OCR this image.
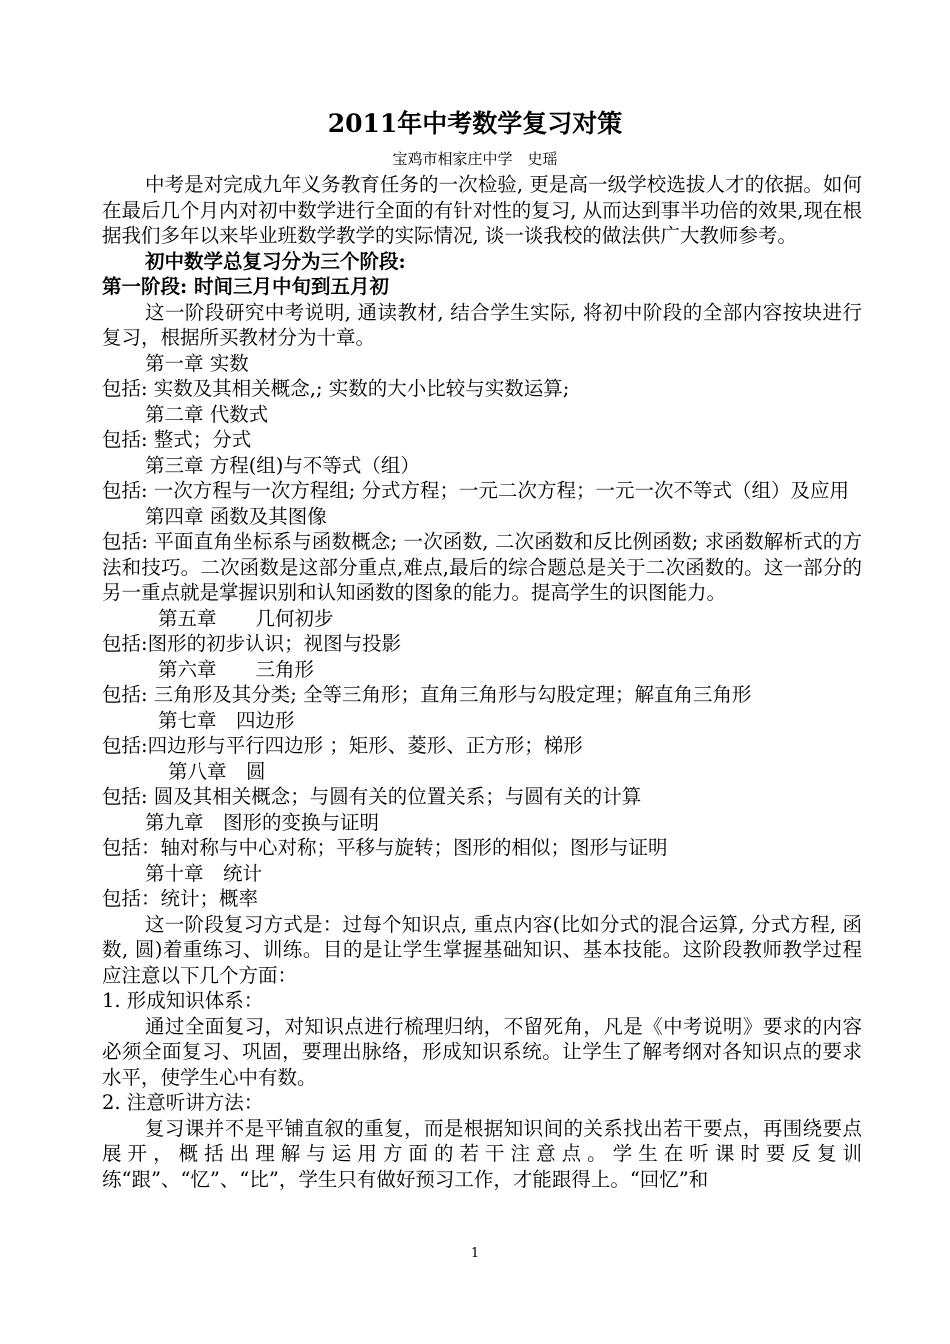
2011年中考数学复习对策
宝鸡市相家庄中学　史瑶

中考是对完成九年义务教育任务的一次检验, 更是高一级学校选拔人才的依据。如何在最后几个月内对初中数学进行全面的有针对性的复习, 从而达到事半功倍的效果,现在根据我们多年以来毕业班数学教学的实际情况, 谈一谈我校的做法供广大教师参考。

初中数学总复习分为三个阶段:

第一阶段: 时间三月中旬到五月初

这一阶段研究中考说明, 通读教材, 结合学生实际, 将初中阶段的全部内容按块进行复习，根据所买教材分为十章。

第一章 实数

包括: 实数及其相关概念,; 实数的大小比较与实数运算;

第二章 代数式

包括: 整式；分式

第三章 方程(组)与不等式（组）

包括: 一次方程与一次方程组; 分式方程；一元二次方程；一元一次不等式（组）及应用

第四章 函数及其图像

包括: 平面直角坐标系与函数概念; 一次函数, 二次函数和反比例函数; 求函数解析式的方法和技巧。二次函数是这部分重点,难点,最后的综合题总是关于二次函数的。这一部分的另一重点就是掌握识别和认知函数的图象的能力。提高学生的识图能力。

第五章　　几何初步

包括:图形的初步认识；视图与投影

第六章　　三角形

包括: 三角形及其分类; 全等三角形；直角三角形与勾股定理；解直角三角形

第七章　四边形

包括:四边形与平行四边形 ；矩形、菱形、正方形；梯形

第八章　圆

包括: 圆及其相关概念；与圆有关的位置关系；与圆有关的计算

第九章　图形的变换与证明

包括：轴对称与中心对称；平移与旋转；图形的相似；图形与证明

第十章　统计

包括：统计；概率

这一阶段复习方式是：过每个知识点, 重点内容(比如分式的混合运算, 分式方程, 函数, 圆)着重练习、训练。目的是让学生掌握基础知识、基本技能。这阶段教师教学过程应注意以下几个方面：

1. 形成知识体系：

通过全面复习，对知识点进行梳理归纳，不留死角，凡是《中考说明》要求的内容必须全面复习、巩固，要理出脉络，形成知识系统。让学生了解考纲对各知识点的要求水平，使学生心中有数。

2. 注意听讲方法：

复习课并不是平铺直叙的重复，而是根据知识间的关系找出若干要点，再围绕要点展开，概括出理解与运用方面的若干注意点。学生在听课时要反复训练“跟”、“忆”、“比”，学生只有做好预习工作，才能跟得上。“回忆”和

1
